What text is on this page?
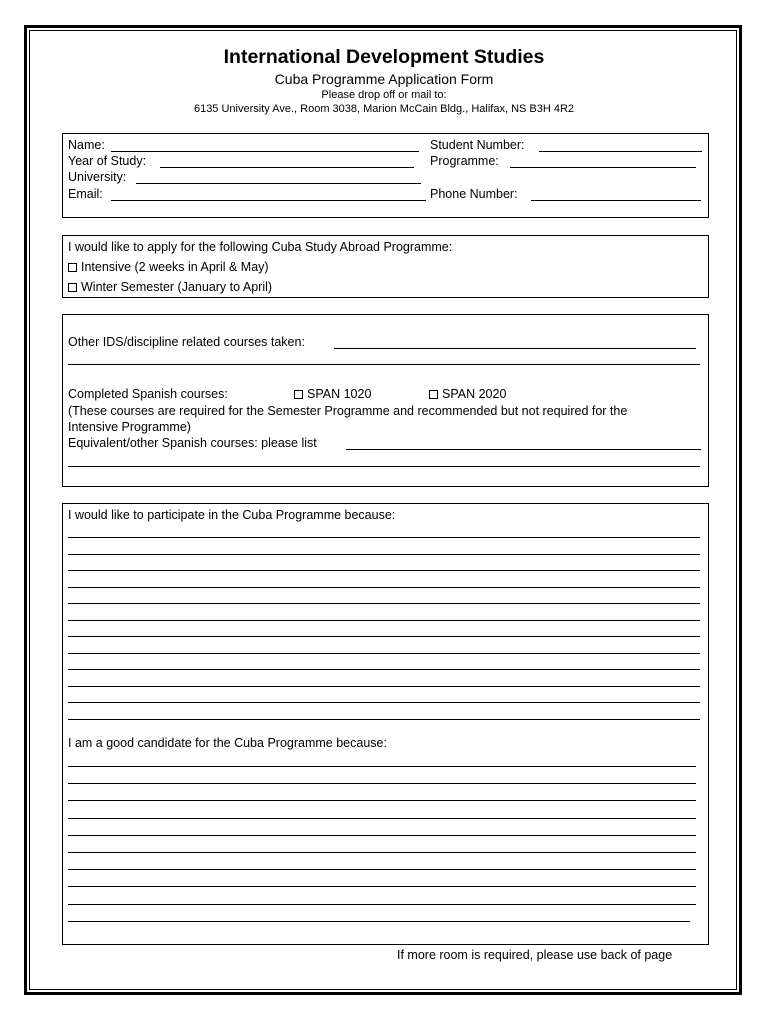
International Development Studies
Cuba Programme Application Form
Please drop off or mail to:
6135 University Ave., Room 3038, Marion McCain Bldg., Halifax, NS B3H 4R2
Name:	Student Number:
Year of Study:	Programme:
University:
Email:	Phone Number:
I would like to apply for the following Cuba Study Abroad Programme:
Intensive (2 weeks in April & May)
Winter Semester (January to April)
Other IDS/discipline related courses taken:
Completed Spanish courses:	SPAN 1020	SPAN 2020
(These courses are required for the Semester Programme and recommended but not required for the
Intensive Programme)
Equivalent/other Spanish courses: please list
I would like to participate in the Cuba Programme because:
I am a good candidate for the Cuba Programme because:
If more room is required, please use back of page
